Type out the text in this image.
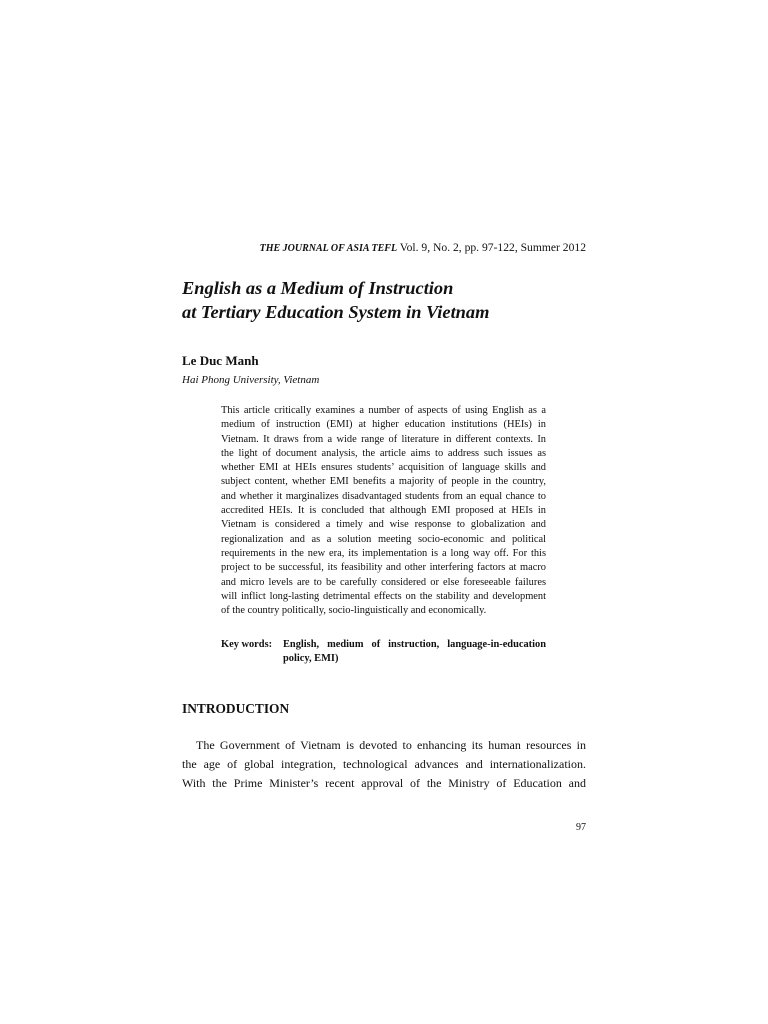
THE JOURNAL OF ASIA TEFL Vol. 9, No. 2, pp. 97-122, Summer 2012
English as a Medium of Instruction
at Tertiary Education System in Vietnam

Le Duc Manh

Hai Phong University, Vietnam

This article critically examines a number of aspects of using English as a
medium of instruction (EMI) at higher education institutions (HEIs) in
Vietnam. It draws from a wide range of literature in different contexts. In
the light of document analysis, the article aims to address such issues as
whether EMI at HEIs ensures students’ acquisition of language skills and
subject content, whether EMI benefits a majority of people in the country,
and whether it marginalizes disadvantaged students from an equal chance to
accredited HEIs. It is concluded that although EMI proposed at HEIs in
Vietnam is considered a timely and wise response to globalization and
regionalization and as a solution meeting socio-economic and political
requirements in the new era, its implementation is a long way off. For this
project to be successful, its feasibility and other interfering factors at macro
and micro levels are to be carefully considered or else foreseeable failures
will inflict long-lasting detrimental effects on the stability and development
of the country politically, socio-linguistically and economically.

Key words:	English, medium of instruction, language-in-education
policy, EMI)
INTRODUCTION

The Government of Vietnam is devoted to enhancing its human resources in
the age of global integration, technological advances and internationalization.
With the Prime Minister’s recent approval of the Ministry of Education and

97
